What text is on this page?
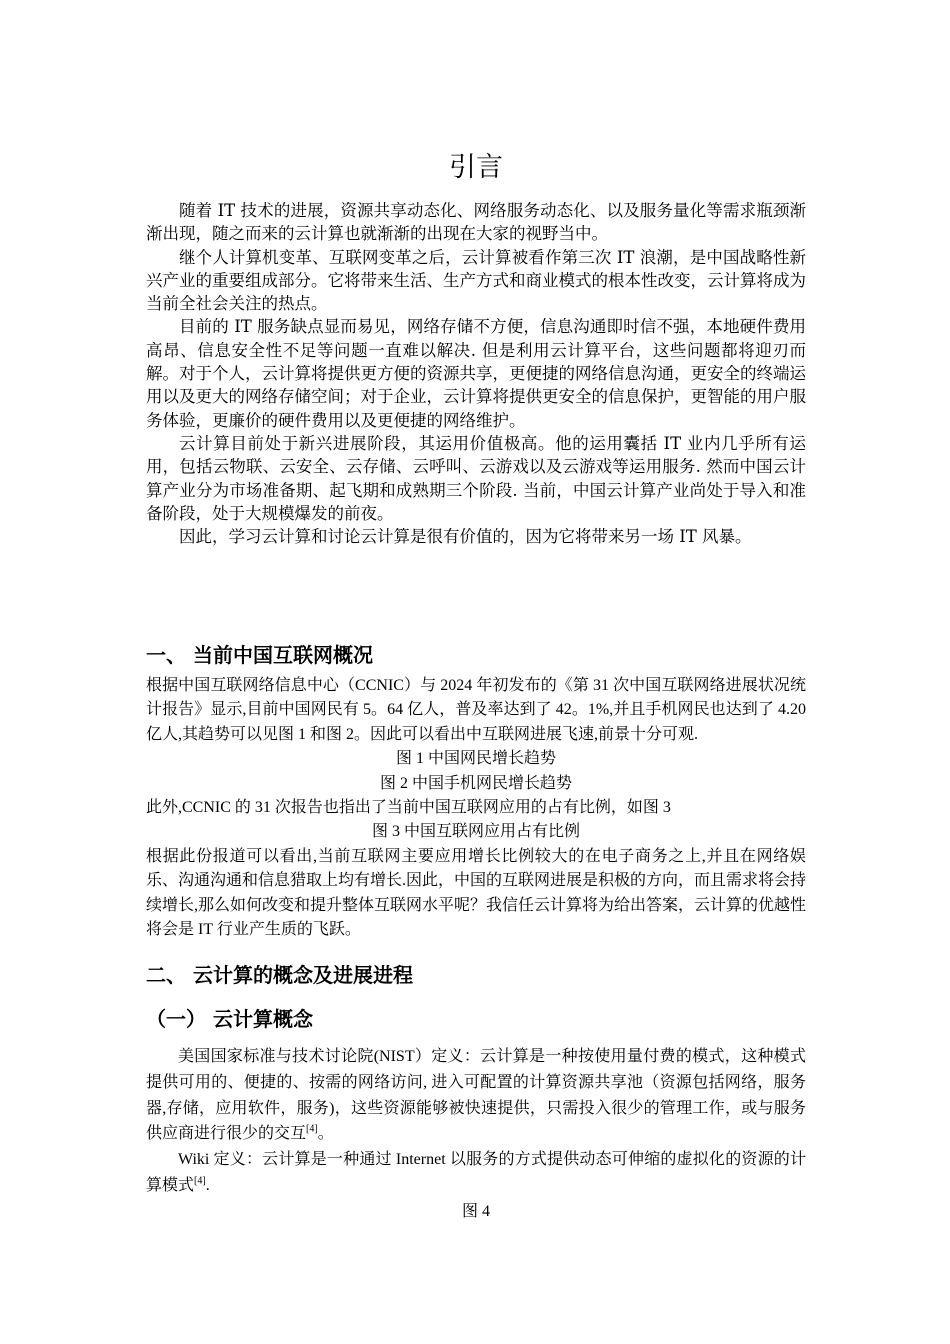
引言

随着 IT 技术的进展，资源共享动态化、网络服务动态化、以及服务量化等需求瓶颈渐渐出现，随之而来的云计算也就渐渐的出现在大家的视野当中。

继个人计算机变革、互联网变革之后，云计算被看作第三次 IT 浪潮，是中国战略性新兴产业的重要组成部分。它将带来生活、生产方式和商业模式的根本性改变，云计算将成为当前全社会关注的热点。

目前的 IT 服务缺点显而易见，网络存储不方便，信息沟通即时信不强，本地硬件费用高昂、信息安全性不足等问题一直难以解决. 但是利用云计算平台，这些问题都将迎刃而解。对于个人，云计算将提供更方便的资源共享，更便捷的网络信息沟通，更安全的终端运用以及更大的网络存储空间；对于企业，云计算将提供更安全的信息保护，更智能的用户服务体验，更廉价的硬件费用以及更便捷的网络维护。

云计算目前处于新兴进展阶段，其运用价值极高。他的运用囊括 IT 业内几乎所有运用，包括云物联、云安全、云存储、云呼叫、云游戏以及云游戏等运用服务. 然而中国云计算产业分为市场准备期、起飞期和成熟期三个阶段. 当前，中国云计算产业尚处于导入和准备阶段，处于大规模爆发的前夜。

因此，学习云计算和讨论云计算是很有价值的，因为它将带来另一场 IT 风暴。

一、 当前中国互联网概况

根据中国互联网络信息中心（CCNIC）与 2024 年初发布的《第 31 次中国互联网络进展状况统计报告》显示,目前中国网民有 5。64 亿人，普及率达到了 42。1%,并且手机网民也达到了 4.20 亿人,其趋势可以见图 1 和图 2。因此可以看出中互联网进展飞速,前景十分可观.

图 1 中国网民增长趋势

图 2 中国手机网民增长趋势

此外,CCNIC 的 31 次报告也指出了当前中国互联网应用的占有比例，如图 3

图 3 中国互联网应用占有比例

根据此份报道可以看出,当前互联网主要应用增长比例较大的在电子商务之上,并且在网络娱乐、沟通沟通和信息猎取上均有增长.因此，中国的互联网进展是积极的方向，而且需求将会持续增长,那么如何改变和提升整体互联网水平呢？我信任云计算将为给出答案，云计算的优越性将会是 IT 行业产生质的飞跃。

二、 云计算的概念及进展进程
（一） 云计算概念

美国国家标准与技术讨论院(NIST）定义：云计算是一种按使用量付费的模式，这种模式提供可用的、便捷的、按需的网络访问, 进入可配置的计算资源共享池（资源包括网络，服务器,存储，应用软件，服务)，这些资源能够被快速提供，只需投入很少的管理工作，或与服务供应商进行很少的交互[4]。

Wiki 定义：云计算是一种通过 Internet 以服务的方式提供动态可伸缩的虚拟化的资源的计算模式[4].

图 4
